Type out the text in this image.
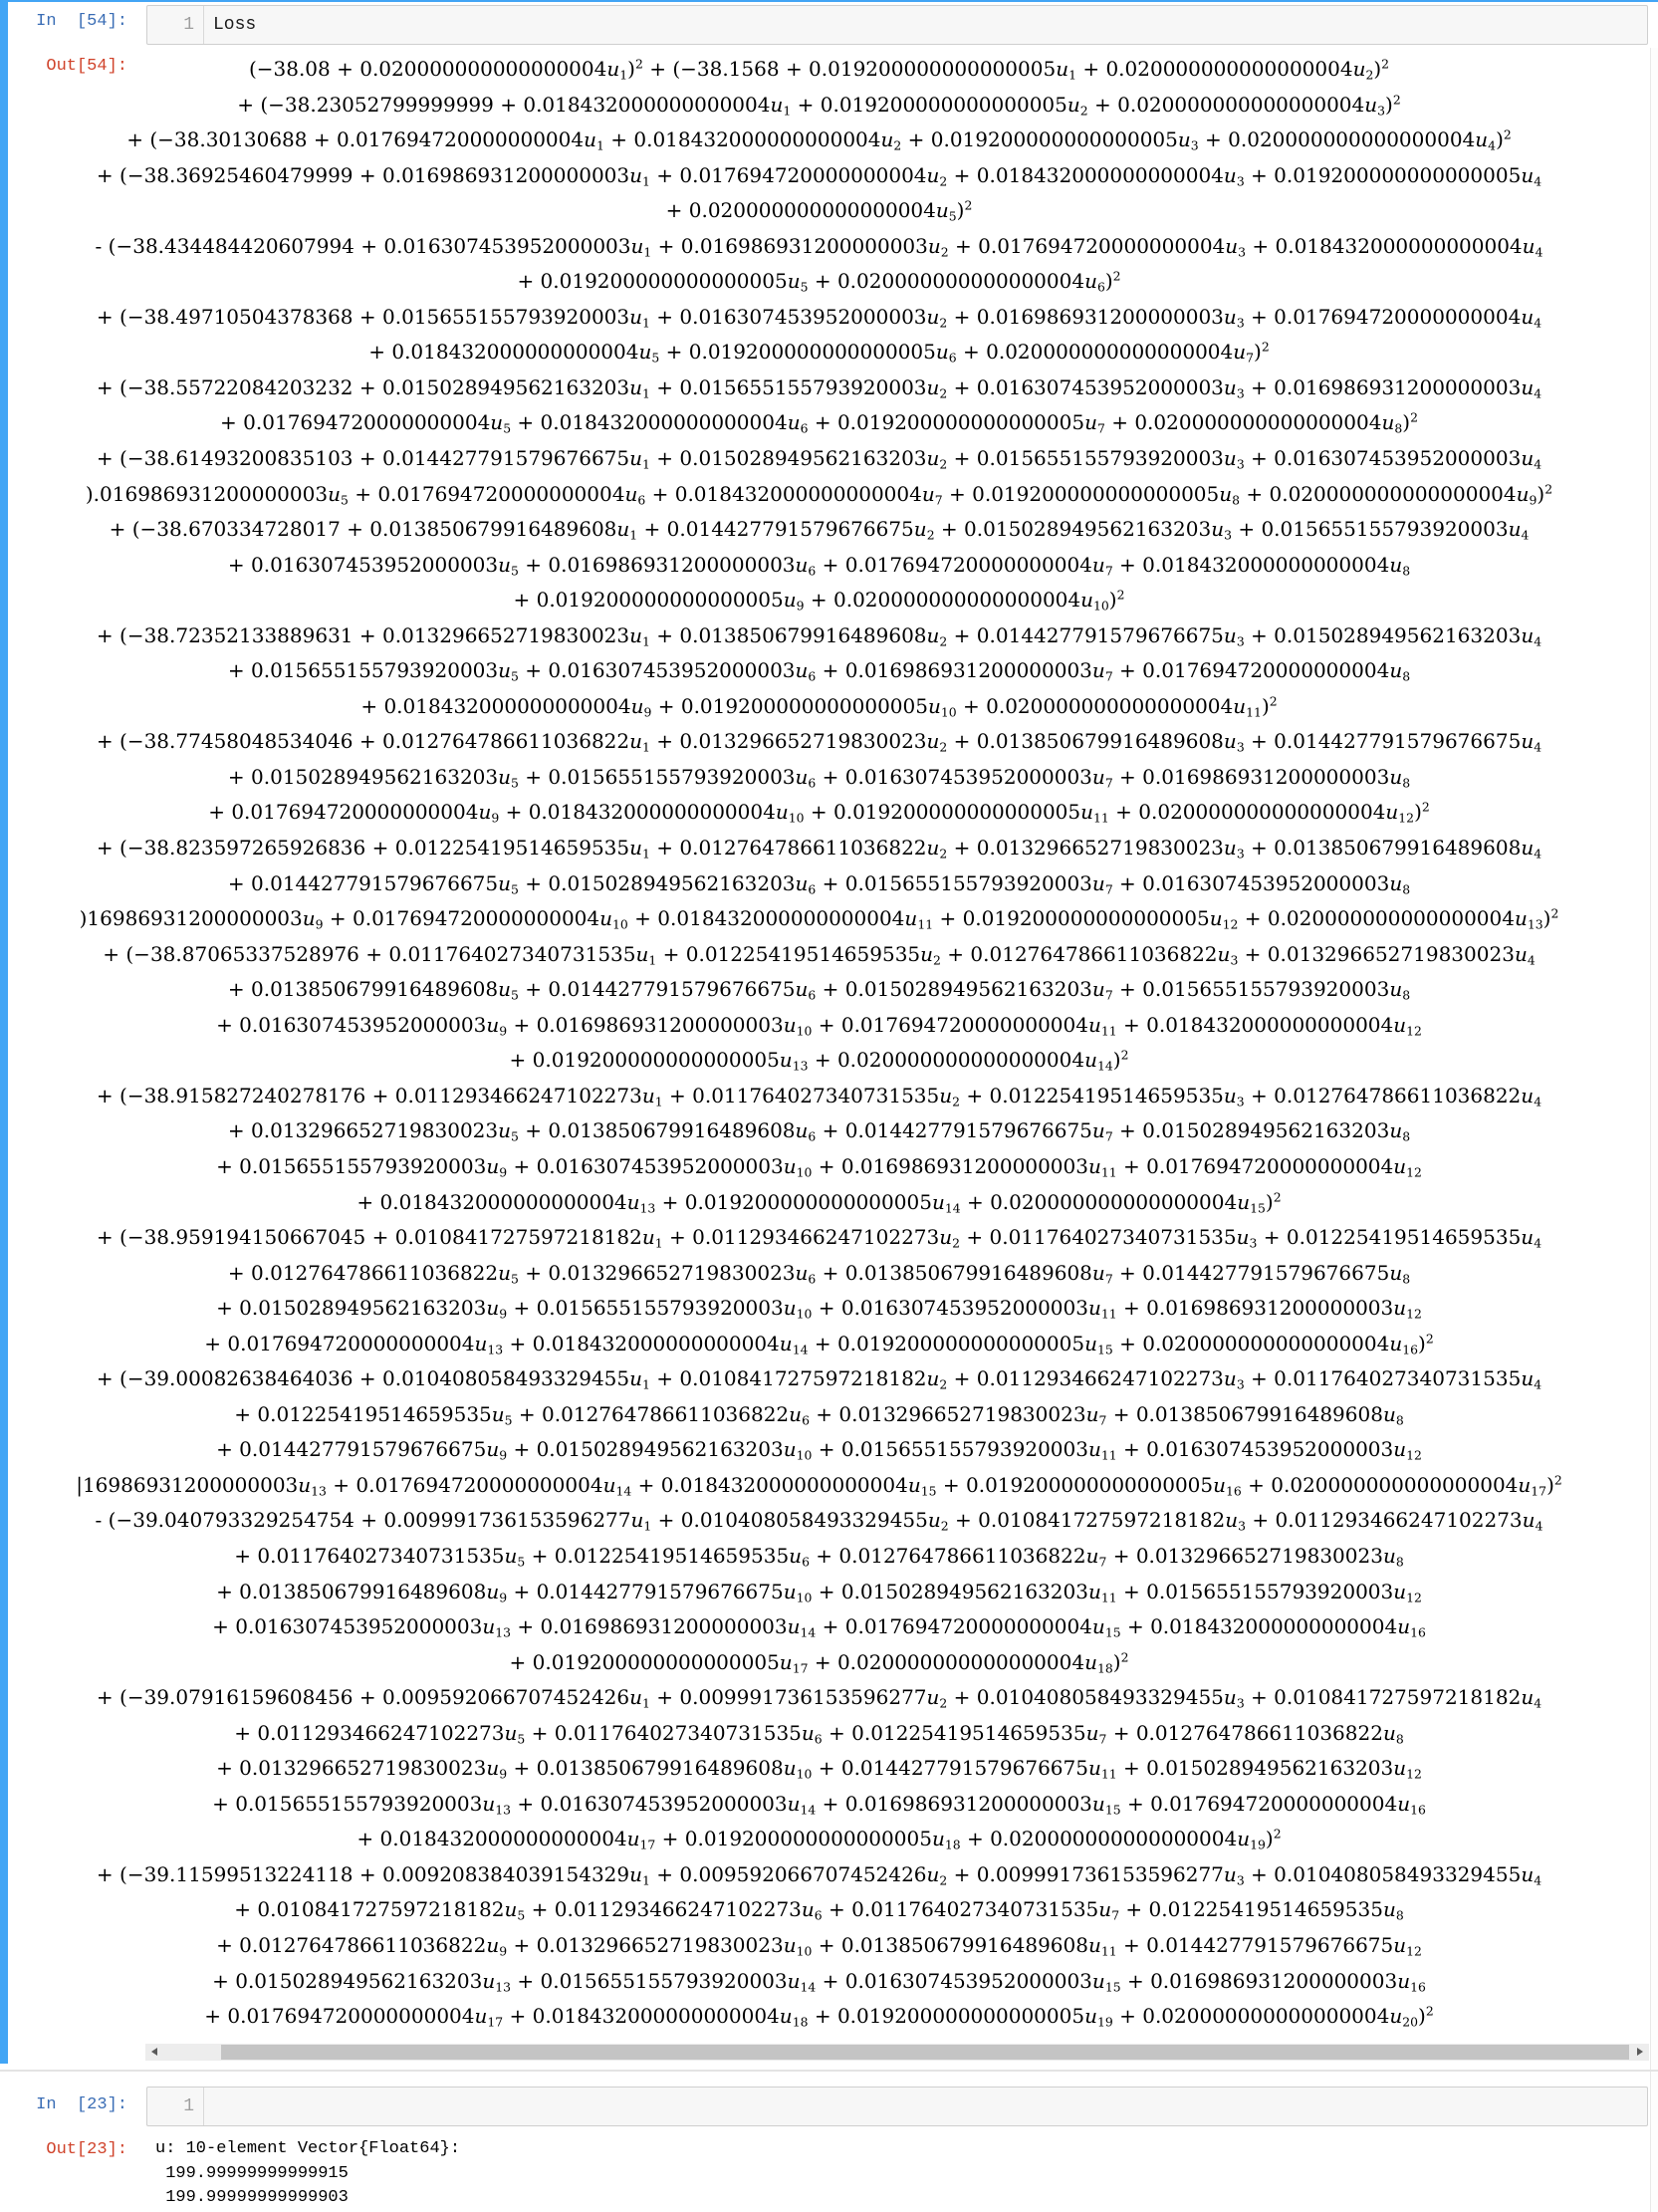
In  [54]:	1	Loss
Out[54]:	$(-38.08 + 0.020000000000000004u_1)^2 + (-38.1568 + 0.019200000000000005u_1 + 0.020000000000000004u_2)^2$
+ $(-38.23052799999999 + 0.018432000000000004u_1 + 0.019200000000000005u_2 + 0.020000000000000004u_3)^2$
+ $(-38.30130688 + 0.017694720000000004u_1 + 0.018432000000000004u_2 + 0.019200000000000005u_3 + 0.020000000000000004u_4)^2$
+ ($-38.36925460479999 + 0.016986931200000003u_1 + 0.017694720000000004u_2 + 0.018432000000000004u_3 + 0.019200000000000005u_4$
+ $0.020000000000000004u_5)^2$
- ($-38.434484420607994 + 0.016307453952000003u_1 + 0.016986931200000003u_2 + 0.017694720000000004u_3 + 0.018432000000000004u_4$
+ $0.019200000000000005u_5 + 0.020000000000000004u_6)^2$
+ ($-38.49710504378368 + 0.015655155793920003u_1 + 0.016307453952000003u_2 + 0.016986931200000003u_3 + 0.017694720000000004u_4$
+ $0.018432000000000004u_5 + 0.019200000000000005u_6 + 0.020000000000000004u_7)^2$
+ ($-38.55722084203232 + 0.015028949562163203u_1 + 0.015655155793920003u_2 + 0.016307453952000003u_3 + 0.016986931200000003u_4$
+ $0.017694720000000004u_5 + 0.018432000000000004u_6 + 0.019200000000000005u_7 + 0.020000000000000004u_8)^2$
+ ($-38.61493200835103 + 0.014427791579676675u_1 + 0.015028949562163203u_2 + 0.015655155793920003u_3 + 0.016307453952000003u_4$
)$.016986931200000003u_5 + 0.017694720000000004u_6 + 0.018432000000000004u_7 + 0.019200000000000005u_8 + 0.020000000000000004u_9)^2$
+ ($-38.670334728017 + 0.013850679916489608u_1 + 0.014427791579676675u_2 + 0.015028949562163203u_3 + 0.015655155793920003u_4$
+ $0.016307453952000003u_5 + 0.016986931200000003u_6 + 0.017694720000000004u_7 + 0.018432000000000004u_8$
+ $0.019200000000000005u_9 + 0.020000000000000004u_{10})^2$
+ ($-38.72352133889631 + 0.013296652719830023u_1 + 0.013850679916489608u_2 + 0.014427791579676675u_3 + 0.015028949562163203u_4$
+ $0.015655155793920003u_5 + 0.016307453952000003u_6 + 0.016986931200000003u_7 + 0.017694720000000004u_8$
+ $0.018432000000000004u_9 + 0.019200000000000005u_{10} + 0.020000000000000004u_{11})^2$
+ ($-38.77458048534046 + 0.012764786611036822u_1 + 0.013296652719830023u_2 + 0.013850679916489608u_3 + 0.014427791579676675u_4$
+ $0.015028949562163203u_5 + 0.015655155793920003u_6 + 0.016307453952000003u_7 + 0.016986931200000003u_8$
+ $0.017694720000000004u_9 + 0.018432000000000004u_{10} + 0.019200000000000005u_{11} + 0.020000000000000004u_{12})^2$
+ ($-38.823597265926836 + 0.01225419514659535u_1 + 0.012764786611036822u_2 + 0.013296652719830023u_3 + 0.013850679916489608u_4$
+ $0.014427791579676675u_5 + 0.015028949562163203u_6 + 0.015655155793920003u_7 + 0.016307453952000003u_8$
)$16986931200000003u_9 + 0.017694720000000004u_{10} + 0.018432000000000004u_{11} + 0.019200000000000005u_{12} + 0.020000000000000004u_{13})^2$
+ ($-38.87065337528976 + 0.011764027340731535u_1 + 0.01225419514659535u_2 + 0.012764786611036822u_3 + 0.013296652719830023u_4$
+ $0.013850679916489608u_5 + 0.014427791579676675u_6 + 0.015028949562163203u_7 + 0.015655155793920003u_8$
+ $0.016307453952000003u_9 + 0.016986931200000003u_{10} + 0.017694720000000004u_{11} + 0.018432000000000004u_{12}$
+ $0.019200000000000005u_{13} + 0.020000000000000004u_{14})^2$
+ ($-38.915827240278176 + 0.011293466247102273u_1 + 0.011764027340731535u_2 + 0.01225419514659535u_3 + 0.012764786611036822u_4$
+ $0.013296652719830023u_5 + 0.013850679916489608u_6 + 0.014427791579676675u_7 + 0.015028949562163203u_8$
+ $0.015655155793920003u_9 + 0.016307453952000003u_{10} + 0.016986931200000003u_{11} + 0.017694720000000004u_{12}$
+ $0.018432000000000004u_{13} + 0.019200000000000005u_{14} + 0.020000000000000004u_{15})^2$
+ ($-38.959194150667045 + 0.010841727597218182u_1 + 0.011293466247102273u_2 + 0.011764027340731535u_3 + 0.01225419514659535u_4$
+ $0.012764786611036822u_5 + 0.013296652719830023u_6 + 0.013850679916489608u_7 + 0.014427791579676675u_8$
+ $0.015028949562163203u_9 + 0.015655155793920003u_{10} + 0.016307453952000003u_{11} + 0.016986931200000003u_{12}$
+ $0.017694720000000004u_{13} + 0.018432000000000004u_{14} + 0.019200000000000005u_{15} + 0.020000000000000004u_{16})^2$
+ ($-39.00082638464036 + 0.010408058493329455u_1 + 0.010841727597218182u_2 + 0.011293466247102273u_3 + 0.011764027340731535u_4$
+ $0.01225419514659535u_5 + 0.012764786611036822u_6 + 0.013296652719830023u_7 + 0.013850679916489608u_8$
+ $0.014427791579676675u_9 + 0.015028949562163203u_{10} + 0.015655155793920003u_{11} + 0.016307453952000003u_{12}$
$|16986931200000003u_{13} + 0.017694720000000004u_{14} + 0.018432000000000004u_{15} + 0.019200000000000005u_{16} + 0.020000000000000004u_{17})^2$
- ($-39.040793329254754 + 0.009991736153596277u_1 + 0.010408058493329455u_2 + 0.010841727597218182u_3 + 0.011293466247102273u_4$
+ $0.011764027340731535u_5 + 0.01225419514659535u_6 + 0.012764786611036822u_7 + 0.013296652719830023u_8$
+ $0.013850679916489608u_9 + 0.014427791579676675u_{10} + 0.015028949562163203u_{11} + 0.015655155793920003u_{12}$
+ $0.016307453952000003u_{13} + 0.016986931200000003u_{14} + 0.017694720000000004u_{15} + 0.018432000000000004u_{16}$
+ $0.019200000000000005u_{17} + 0.020000000000000004u_{18})^2$
+ ($-39.07916159608456 + 0.009592066707452426u_1 + 0.009991736153596277u_2 + 0.010408058493329455u_3 + 0.010841727597218182u_4$
+ $0.011293466247102273u_5 + 0.011764027340731535u_6 + 0.01225419514659535u_7 + 0.012764786611036822u_8$
+ $0.013296652719830023u_9 + 0.013850679916489608u_{10} + 0.014427791579676675u_{11} + 0.015028949562163203u_{12}$
+ $0.015655155793920003u_{13} + 0.016307453952000003u_{14} + 0.016986931200000003u_{15} + 0.017694720000000004u_{16}$
+ $0.018432000000000004u_{17} + 0.019200000000000005u_{18} + 0.020000000000000004u_{19})^2$
+ ($-39.11599513224118 + 0.009208384039154329u_1 + 0.009592066707452426u_2 + 0.009991736153596277u_3 + 0.010408058493329455u_4$
+ $0.010841727597218182u_5 + 0.011293466247102273u_6 + 0.011764027340731535u_7 + 0.01225419514659535u_8$
+ $0.012764786611036822u_9 + 0.013296652719830023u_{10} + 0.013850679916489608u_{11} + 0.014427791579676675u_{12}$
+ $0.015028949562163203u_{13} + 0.015655155793920003u_{14} + 0.016307453952000003u_{15} + 0.016986931200000003u_{16}$
+ $0.017694720000000004u_{17} + 0.018432000000000004u_{18} + 0.019200000000000005u_{19} + 0.020000000000000004u_{20})^2$
In  [23]:	1
Out[23]: u: 10-element Vector{Float64}:
199.99999999999915
199.99999999999903
